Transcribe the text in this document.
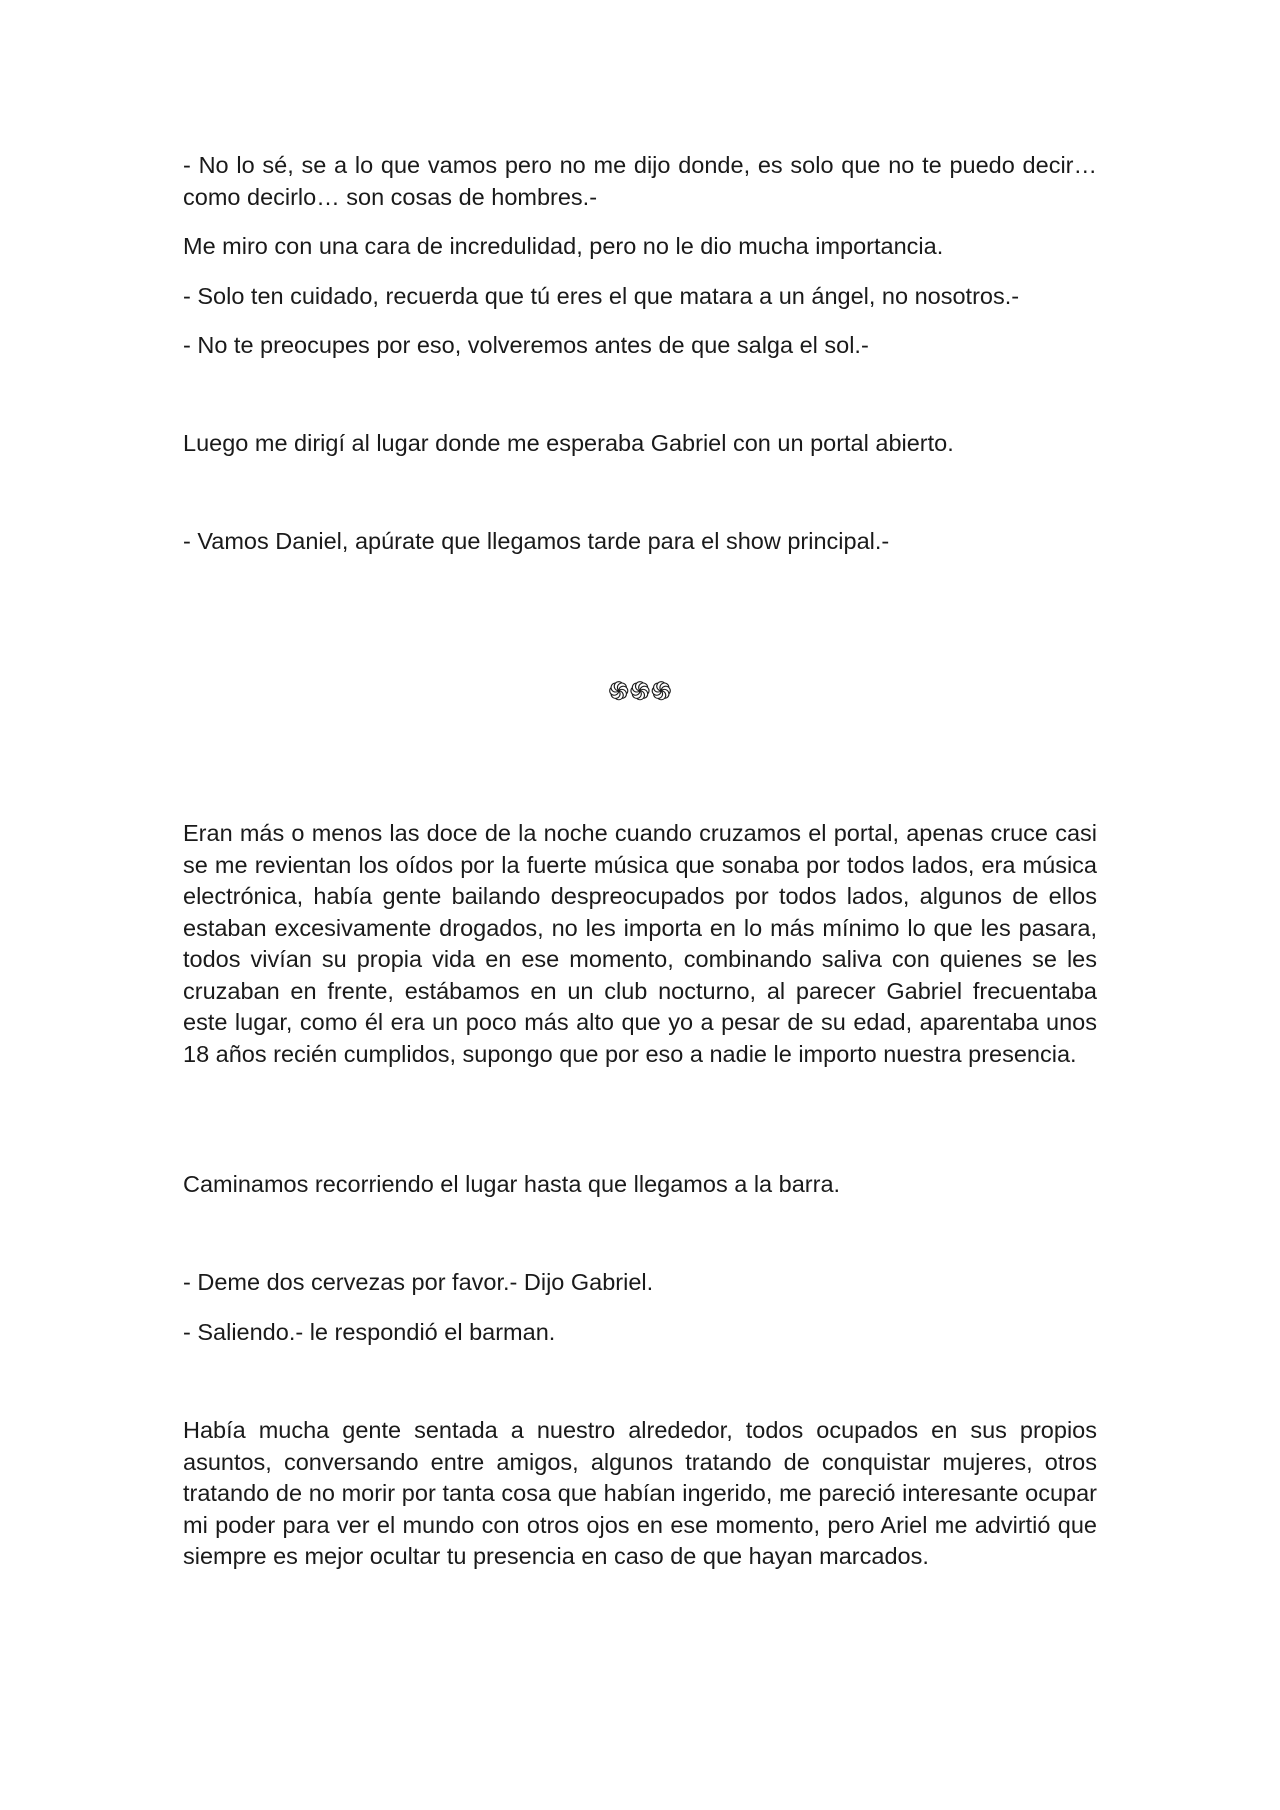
- No lo sé, se a lo que vamos pero no me dijo donde, es solo que no te puedo decir… como decirlo… son cosas de hombres.-

Me miro con una cara de incredulidad, pero no le dio mucha importancia.

- Solo ten cuidado, recuerda que tú eres el que matara a un ángel, no nosotros.-

- No te preocupes por eso, volveremos antes de que salga el sol.-

Luego me dirigí al lugar donde me esperaba Gabriel con un portal abierto.

- Vamos Daniel, apúrate que llegamos tarde para el show principal.-

֍֍֍

Eran más o menos las doce de la noche cuando cruzamos el portal, apenas cruce casi se me revientan los oídos por la fuerte música que sonaba por todos lados, era música electrónica, había gente bailando despreocupados por todos lados, algunos de ellos estaban excesivamente drogados, no les importa en lo más mínimo lo que les pasara, todos vivían su propia vida en ese momento, combinando saliva con quienes se les cruzaban en frente, estábamos en un club nocturno, al parecer Gabriel frecuentaba este lugar, como él era un poco más alto que yo a pesar de su edad, aparentaba unos 18 años recién cumplidos, supongo que por eso a nadie le importo nuestra presencia.

Caminamos recorriendo el lugar hasta que llegamos a la barra.

- Deme dos cervezas por favor.- Dijo Gabriel.

- Saliendo.- le respondió el barman.

Había mucha gente sentada a nuestro alrededor, todos ocupados en sus propios asuntos, conversando entre amigos, algunos tratando de conquistar mujeres, otros tratando de no morir por tanta cosa que habían ingerido, me pareció interesante ocupar mi poder para ver el mundo con otros ojos en ese momento, pero Ariel me advirtió que siempre es mejor ocultar tu presencia en caso de que hayan marcados.
